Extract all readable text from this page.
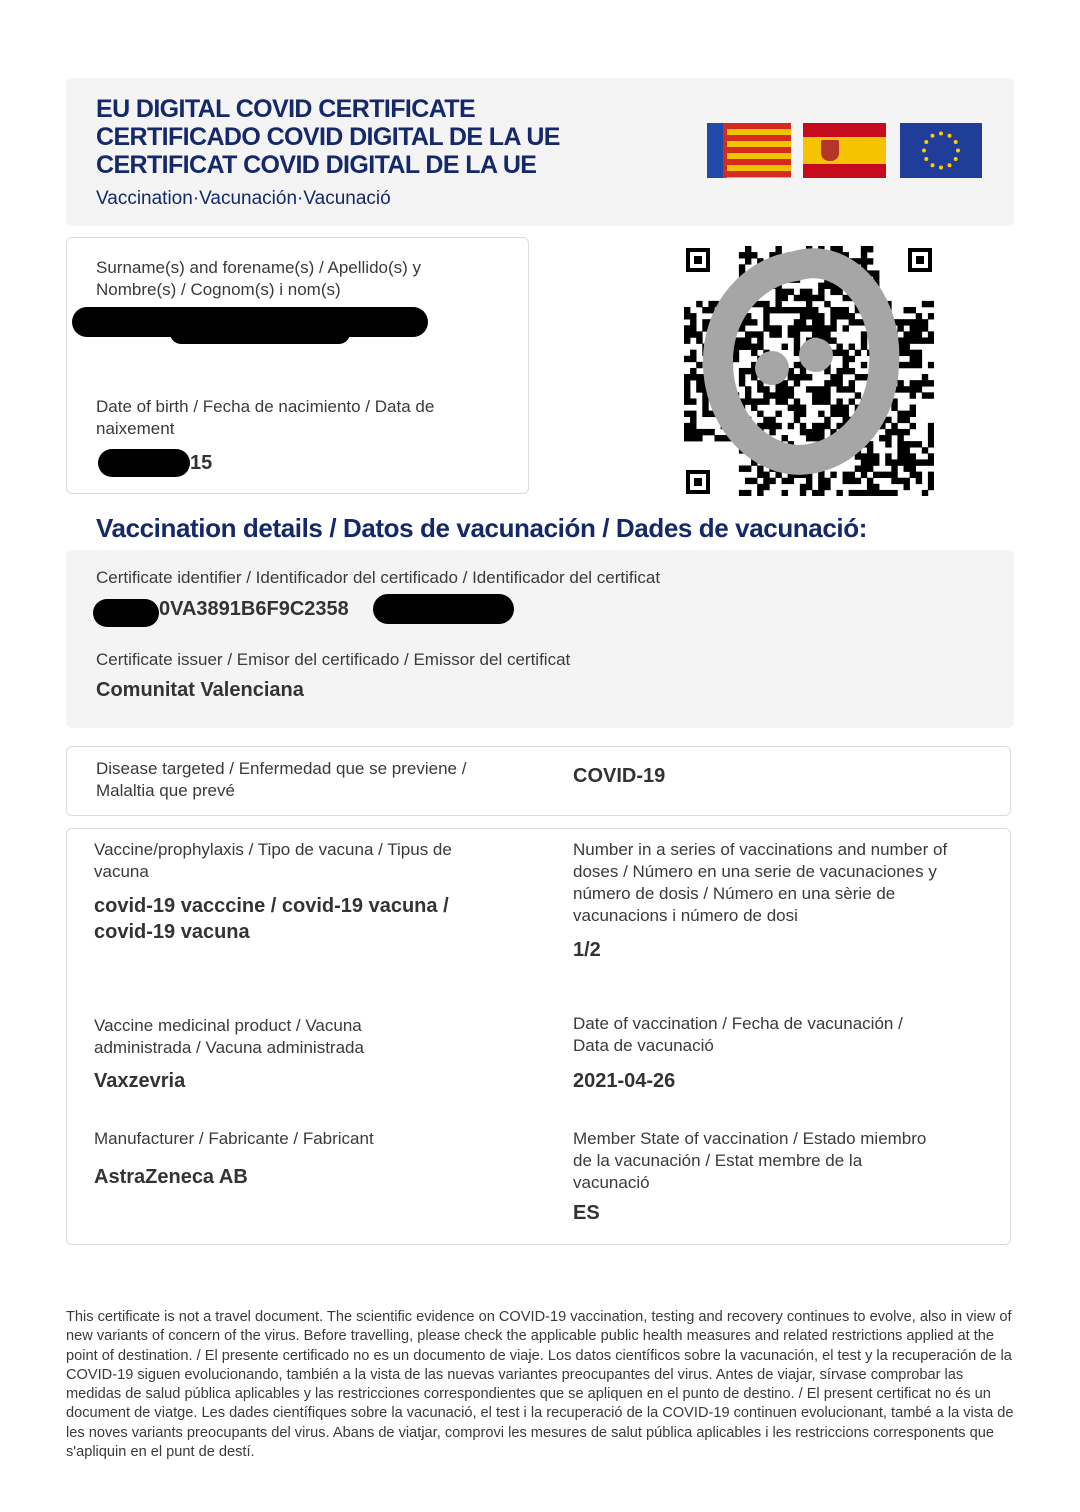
EU DIGITAL COVID CERTIFICATE
CERTIFICADO COVID DIGITAL DE LA UE
CERTIFICAT COVID DIGITAL DE LA UE
Vaccination·Vacunación·Vacunació
Surname(s) and forename(s) / Apellido(s) y Nombre(s) / Cognom(s) i nom(s)
Date of birth / Fecha de nacimiento / Data de naixement
15
Vaccination details / Datos de vacunación / Dades de vacunació:
Certificate identifier / Identificador del certificado / Identificador del certificat
0VA3891B6F9C2358
Certificate issuer / Emisor del certificado / Emissor del certificat
Comunitat Valenciana
Disease targeted / Enfermedad que se previene / Malaltia que prevé
COVID-19
Vaccine/prophylaxis / Tipo de vacuna / Tipus de vacuna
covid-19 vacccine / covid-19 vacuna / covid-19 vacuna
Number in a series of vaccinations and number of doses / Número en una serie de vacunaciones y número de dosis / Número en una sèrie de vacunacions i número de dosi
1/2
Vaccine medicinal product / Vacuna administrada / Vacuna administrada
Vaxzevria
Date of vaccination / Fecha de vacunación / Data de vacunació
2021-04-26
Manufacturer / Fabricante / Fabricant
AstraZeneca AB
Member State of vaccination / Estado miembro de la vacunación / Estat membre de la vacunació
ES
This certificate is not a travel document. The scientific evidence on COVID-19 vaccination, testing and recovery continues to evolve, also in view of new variants of concern of the virus. Before travelling, please check the applicable public health measures and related restrictions applied at the point of destination. / El presente certificado no es un documento de viaje. Los datos científicos sobre la vacunación, el test y la recuperación de la COVID-19 siguen evolucionando, también a la vista de las nuevas variantes preocupantes del virus. Antes de viajar, sírvase comprobar las medidas de salud pública aplicables y las restricciones correspondientes que se apliquen en el punto de destino. / El present certificat no és un document de viatge. Les dades científiques sobre la vacunació, el test i la recuperació de la COVID-19 continuen evolucionant, també a la vista de les noves variants preocupants del virus. Abans de viatjar, comprovi les mesures de salut pública aplicables i les restriccions corresponents que s'apliquin en el punt de destí.
